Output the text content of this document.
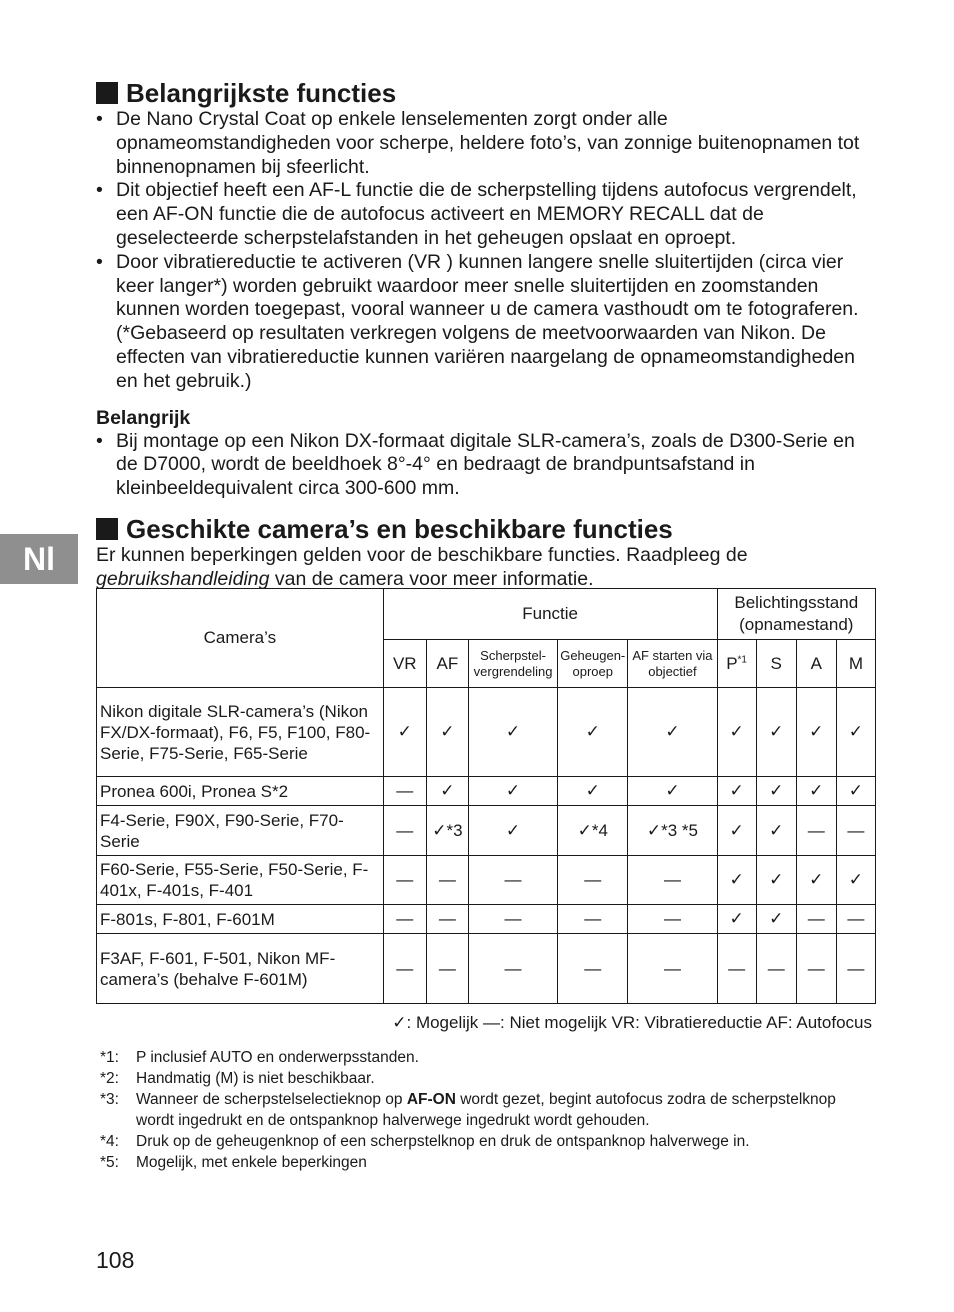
Nl
Belangrijkste functies

• De Nano Crystal Coat op enkele lenselementen zorgt onder alle opnameomstandigheden voor scherpe, heldere foto’s, van zonnige buitenopnamen tot binnenopnamen bij sfeerlicht.

• Dit objectief heeft een AF-L functie die de scherpstelling tijdens autofocus vergrendelt, een AF-ON functie die de autofocus activeert en MEMORY RECALL dat de geselecteerde scherpstelafstanden in het geheugen opslaat en oproept.

• Door vibratiereductie te activeren (VR ) kunnen langere snelle sluitertijden (circa vier keer langer*) worden gebruikt waardoor meer snelle sluitertijden en zoomstanden kunnen worden toegepast, vooral wanneer u de camera vasthoudt om te fotograferen. (*Gebaseerd op resultaten verkregen volgens de meetvoorwaarden van Nikon. De effecten van vibratiereductie kunnen variëren naargelang de opnameomstandigheden en het gebruik.)

Belangrijk

• Bij montage op een Nikon DX-formaat digitale SLR-camera’s, zoals de D300-Serie en de D7000, wordt de beeldhoek 8°-4° en bedraagt de brandpuntsafstand in kleinbeeldequivalent circa 300-600 mm.

Geschikte camera’s en beschikbare functies

Er kunnen beperkingen gelden voor de beschikbare functies. Raadpleeg de gebruikshandleiding van de camera voor meer informatie.

Camera’s	Functie					Belichtingsstand (opnamestand)			
	VR	AF	Scherpstel-vergrendeling	Geheugen-oproep	AF starten via objectief	$P^{*1}$	S	A	M
Nikon digitale SLR-camera’s (Nikon FX/DX-formaat), F6, F5, F100, F80-Serie, F75-Serie, F65-Serie	✓	✓	✓	✓	✓	✓	✓	✓	✓
Pronea 600i, Pronea S*2	—	✓	✓	✓	✓	✓	✓	✓	✓
F4-Serie, F90X, F90-Serie, F70-Serie	—	✓*3	✓	✓*4	✓*3 *5	✓	✓	—	—
F60-Serie, F55-Serie, F50-Serie, F-401x, F-401s, F-401	—	—	—	—	—	✓	✓	✓	✓
F-801s, F-801, F-601M	—	—	—	—	—	✓	✓	—	—
F3AF, F-601, F-501, Nikon MF-camera’s (behalve F-601M)	—	—	—	—	—	—	—	—	—
✓: Mogelijk —: Niet mogelijk VR: Vibratiereductie AF: Autofocus
*1:	P inclusief AUTO en onderwerpsstanden.
*2:	Handmatig (M) is niet beschikbaar.
*3:	Wanneer de scherpstelselectieknop op AF-ON wordt gezet, begint autofocus zodra de scherpstelknop wordt ingedrukt en de ontspanknop halverwege ingedrukt wordt gehouden.
*4:	Druk op de geheugenknop of een scherpstelknop en druk de ontspanknop halverwege in.
*5:	Mogelijk, met enkele beperkingen
108
